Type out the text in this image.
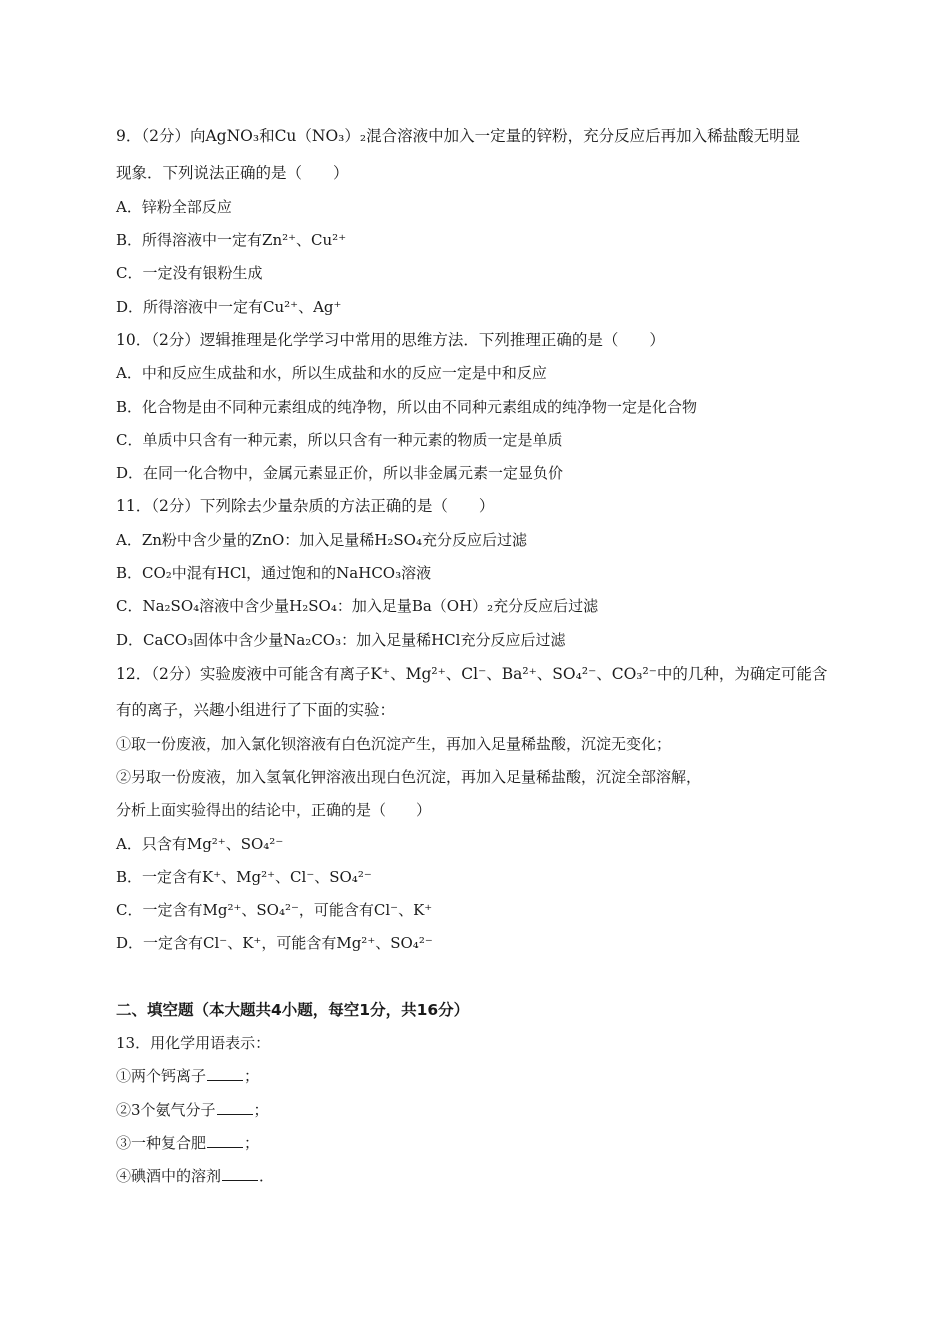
9．（2分）向AgNO₃和Cu（NO₃）₂混合溶液中加入一定量的锌粉，充分反应后再加入稀盐酸无明显
现象．下列说法正确的是（　　）
A．锌粉全部反应
B．所得溶液中一定有Zn²⁺、Cu²⁺
C．一定没有银粉生成
D．所得溶液中一定有Cu²⁺、Ag⁺
10．（2分）逻辑推理是化学学习中常用的思维方法．下列推理正确的是（　　）
A．中和反应生成盐和水，所以生成盐和水的反应一定是中和反应
B．化合物是由不同种元素组成的纯净物，所以由不同种元素组成的纯净物一定是化合物
C．单质中只含有一种元素，所以只含有一种元素的物质一定是单质
D．在同一化合物中，金属元素显正价，所以非金属元素一定显负价
11．（2分）下列除去少量杂质的方法正确的是（　　）
A．Zn粉中含少量的ZnO：加入足量稀H₂SO₄充分反应后过滤
B．CO₂中混有HCl，通过饱和的NaHCO₃溶液
C．Na₂SO₄溶液中含少量H₂SO₄：加入足量Ba（OH）₂充分反应后过滤
D．CaCO₃固体中含少量Na₂CO₃：加入足量稀HCl充分反应后过滤
12．（2分）实验废液中可能含有离子K⁺、Mg²⁺、Cl⁻、Ba²⁺、SO₄²⁻、CO₃²⁻中的几种，为确定可能含
有的离子，兴趣小组进行了下面的实验：
①取一份废液，加入氯化钡溶液有白色沉淀产生，再加入足量稀盐酸，沉淀无变化；
②另取一份废液，加入氢氧化钾溶液出现白色沉淀，再加入足量稀盐酸，沉淀全部溶解，
分析上面实验得出的结论中，正确的是（　　）
A．只含有Mg²⁺、SO₄²⁻
B．一定含有K⁺、Mg²⁺、Cl⁻、SO₄²⁻
C．一定含有Mg²⁺、SO₄²⁻，可能含有Cl⁻、K⁺
D．一定含有Cl⁻、K⁺，可能含有Mg²⁺、SO₄²⁻
二、填空题（本大题共4小题，每空1分，共16分）
13．用化学用语表示：
①两个钙离子	；
②3个氨气分子	；
③一种复合肥	；
④碘酒中的溶剂	．
